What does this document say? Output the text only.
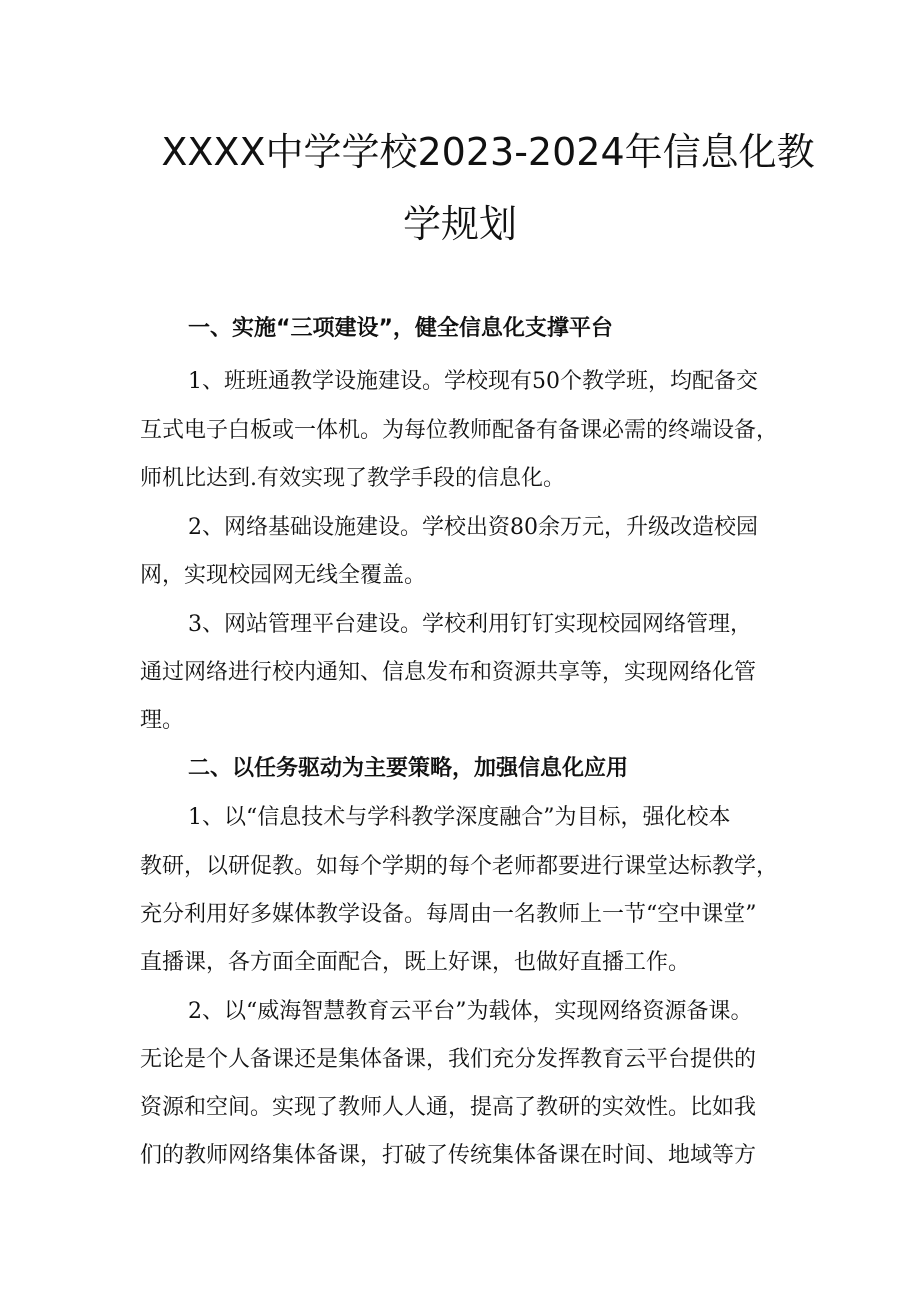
XXXX中学学校2023-2024年信息化教
学规划
一、实施“三项建设”，健全信息化支撑平台
1、班班通教学设施建设。学校现有50个教学班，均配备交
互式电子白板或一体机。为每位教师配备有备课必需的终端设备，
师机比达到.有效实现了教学手段的信息化。
2、网络基础设施建设。学校出资80余万元，升级改造校园
网，实现校园网无线全覆盖。
3、网站管理平台建设。学校利用钉钉实现校园网络管理，
通过网络进行校内通知、信息发布和资源共享等，实现网络化管
理。
二、以任务驱动为主要策略，加强信息化应用
1、以“信息技术与学科教学深度融合”为目标，强化校本
教研，以研促教。如每个学期的每个老师都要进行课堂达标教学，
充分利用好多媒体教学设备。每周由一名教师上一节“空中课堂”
直播课，各方面全面配合，既上好课，也做好直播工作。
2、以“威海智慧教育云平台”为载体，实现网络资源备课。
无论是个人备课还是集体备课，我们充分发挥教育云平台提供的
资源和空间。实现了教师人人通，提高了教研的实效性。比如我
们的教师网络集体备课，打破了传统集体备课在时间、地域等方
